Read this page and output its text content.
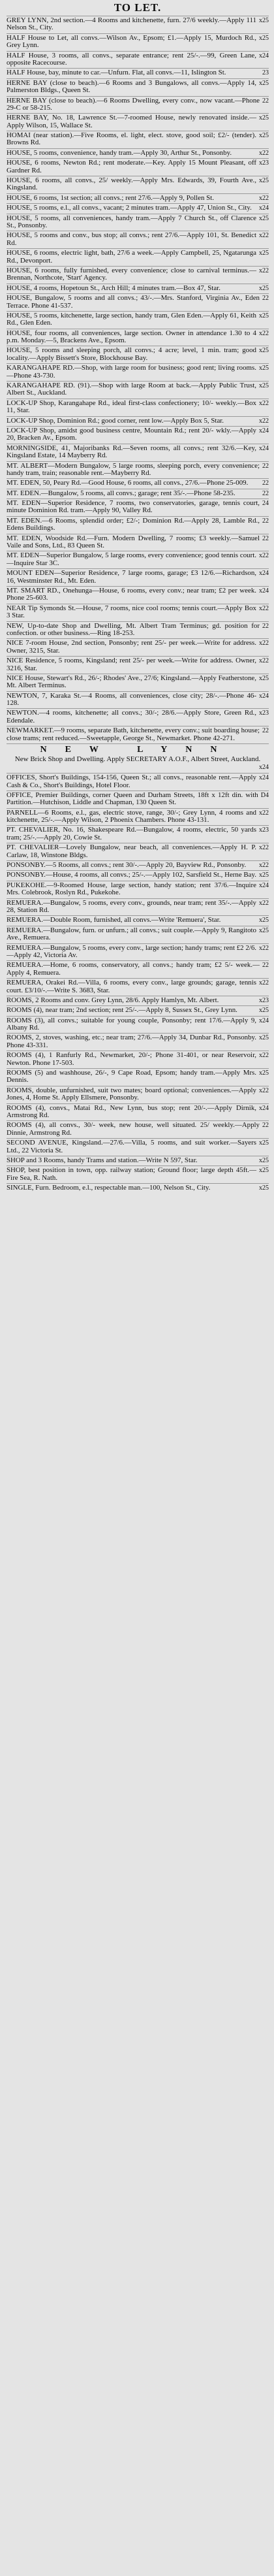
TO LET.
x25
GREY LYNN, 2nd section.—4 Rooms and kitchenette, furn. 27/6 weekly.—Apply 111 Nelson St., City.
x25
HALF House to Let, all convs.—Wilson Av., Epsom; £1.—Apply 15, Murdoch Rd., Grey Lynn.
x24
HALF House, 3 rooms, all convs., separate entrance; rent 25/-.—99, Green Lane, opposite Racecourse.
23
HALF House, bay, minute to car.—Unfurn. Flat, all convs.—11, Islington St.
x25
HERNE BAY (close to beach).—6 Rooms and 3 Bungalows, all convs.—Apply 14, Palmerston Bldgs., Queen St.
22
HERNE BAY (close to beach).—6 Rooms Dwelling, every conv., now vacant.—Phone 29-C or 58-215.
x25
HERNE BAY, No. 18, Lawrence St.—7-roomed House, newly renovated inside.—Apply Wilson, 15, Wallace St.
x25
HOMAI (near station).—Five Rooms, el. light, elect. stove, good soil; £2/- (tender). Browns Rd.
x22
HOUSE, 5 rooms, convenience, handy tram.—Apply 30, Arthur St., Ponsonby.
x23
HOUSE, 6 rooms, Newton Rd.; rent moderate.—Key. Apply 15 Mount Pleasant, off Gardner Rd.
x25
HOUSE, 6 rooms, all convs., 25/ weekly.—Apply Mrs. Edwards, 39, Fourth Ave., Kingsland.
x22
HOUSE, 6 rooms, 1st section; all convs.; rent 27/6.—Apply 9, Pollen St.
x24
HOUSE, 5 rooms, e.l., all convs., vacant; 2 minutes tram.—Apply 47, Union St., City.
x25
HOUSE, 5 rooms, all conveniences, handy tram.—Apply 7 Church St., off Clarence St., Ponsonby.
x22
HOUSE, 5 rooms and conv., bus stop; all convs.; rent 27/6.—Apply 101, St. Benedict Rd.
x25
HOUSE, 6 rooms, electric light, bath, 27/6 a week.—Apply Campbell, 25, Ngatarunga Rd., Devonport.
x22
HOUSE, 6 rooms, fully furnished, every convenience; close to carnival terminus.—Brennan, Northcote, 'Start' Agency.
x25
HOUSE, 4 rooms, Hopetoun St., Arch Hill; 4 minutes tram.—Box 47, Star.
22
HOUSE, Bungalow, 5 rooms and all convs.; 43/-.—Mrs. Stanford, Virginia Av., Eden Terrace. Phone 41-537.
x25
HOUSE, 5 rooms, kitchenette, large section, handy tram, Glen Eden.—Apply 61, Keith Rd., Glen Eden.
x22
HOUSE, four rooms, all conveniences, large section. Owner in attendance 1.30 to 4 p.m. Monday.—5, Brackens Ave., Epsom.
x25
HOUSE, 5 rooms and sleeping porch, all convs.; 4 acre; level, 1 min. tram; good locality.—Apply Bissett's Store, Blockhouse Bay.
x25
KARANGAHAPE RD.—Shop, with large room for business; good rent; living rooms.—Phone 43-730.
x25
KARANGAHAPE RD. (91).—Shop with large Room at back.—Apply Public Trust, Albert St., Auckland.
x22
LOCK-UP Shop, Karangahape Rd., ideal first-class confectionery; 10/- weekly.—Box 11, Star.
x22
LOCK-UP Shop, Dominion Rd.; good corner, rent low.—Apply Box 5, Star.
x24
LOCK-UP Shop, amidst good business centre, Mountain Rd.; rent 20/- wkly.—Apply 20, Bracken Av., Epsom.
x24
MORNINGSIDE, 41, Majoribanks Rd.—Seven rooms, all convs.; rent 32/6.—Key, Kingsland Estate, 14 Mayberry Rd.
22
MT. ALBERT—Modern Bungalow, 5 large rooms, sleeping porch, every convenience; handy tram, train; reasonable rent.—Mayberry Rd.
22
MT. EDEN, 50, Peary Rd.—Good House, 6 rooms, all convs., 27/6.—Phone 25-009.
22
MT. EDEN.—Bungalow, 5 rooms, all convs.; garage; rent 35/-.—Phone 58-235.
24
MT. EDEN—Superior Residence, 7 rooms, two conservatories, garage, tennis court, minute Dominion Rd. tram.—Apply 90, Valley Rd.
22
MT. EDEN.—6 Rooms, splendid order; £2/-; Dominion Rd.—Apply 28, Lamble Rd., Edens Buildings.
22
MT. EDEN, Woodside Rd.—Furn. Modern Dwelling, 7 rooms; £3 weekly.—Samuel Vaile and Sons, Ltd., 83 Queen St.
x22
MT. EDEN—Superior Bungalow, 5 large rooms, every convenience; good tennis court.—Inquire Star 3C.
x24
MOUNT EDEN—Superior Residence, 7 large rooms, garage; £3 12/6.—Richardson, 16, Westminster Rd., Mt. Eden.
x24
MT. SMART RD., Onehunga—House, 6 rooms, every conv.; near tram; £2 per week. Phone 25-603.
x22
NEAR Tip Symonds St.—House, 7 rooms, nice cool rooms; tennis court.—Apply Box 3 Star.
22
NEW, Up-to-date Shop and Dwelling, Mt. Albert Tram Terminus; gd. position for confection. or other business.—Ring 18-253.
x22
NICE 7-room House, 2nd section, Ponsonby; rent 25/- per week.—Write for address. Owner, 3215, Star.
x22
NICE Residence, 5 rooms, Kingsland; rent 25/- per week.—Write for address. Owner, 3216, Star.
x25
NICE House, Stewart's Rd., 26/-; Rhodes' Ave., 27/6; Kingsland.—Apply Featherstone, Mt. Albert Terminus.
x24
NEWTON, 7, Karaka St.—4 Rooms, all conveniences, close city; 28/-.—Phone 46-128.
x23
NEWTON.—4 rooms, kitchenette; all convs.; 30/-; 28/6.—Apply Store, Green Rd., Edendale.
22
NEWMARKET.—9 rooms, separate Bath, kitchenette, every conv.; suit boarding house; close trams; rent reduced.—Sweetapple, George St., Newmarket. Phone 42-271.
NEW LYNN
New Brick Shop and Dwelling. Apply SECRETARY A.O.F., Albert Street, Auckland.
x24
x24
OFFICES, Short's Buildings, 154-156, Queen St.; all convs., reasonable rent.—Apply Cash & Co., Short's Buildings, Hotel Floor.
D4
OFFICE, Premier Buildings, corner Queen and Durham Streets, 18ft x 12ft din. with Partition.—Hutchison, Liddle and Chapman, 130 Queen St.
x22
PARNELL—6 Rooms, e.l., gas, electric stove, range, 30/-; Grey Lynn, 4 rooms and kitchenette, 25/-.—Apply Wilson, 2 Phoenix Chambers. Phone 43-131.
x23
PT. CHEVALIER, No. 16, Shakespeare Rd.—Bungalow, 4 rooms, electric, 50 yards tram; 25/-.—Apply 20, Cowie St.
x22
PT. CHEVALIER—Lovely Bungalow, near beach, all conveniences.—Apply H. P. Carlaw, 18, Winstone Bldgs.
x22
PONSONBY.—5 Rooms, all convs.; rent 30/-.—Apply 20, Bayview Rd., Ponsonby.
x25
PONSONBY.—House, 4 rooms, all convs.; 25/-.—Apply 102, Sarsfield St., Herne Bay.
x24
PUKEKOHE.—9-Roomed House, large section, handy station; rent 37/6.—Inquire Mrs. Colebrook, Roslyn Rd., Pukekohe.
x22
REMUERA.—Bungalow, 5 rooms, every conv., grounds, near tram; rent 35/-.—Apply 28, Station Rd.
x25
REMUERA.—Double Room, furnished, all convs.—Write 'Remuera', Star.
x25
REMUERA.—Bungalow, furn. or unfurn.; all convs.; suit couple.—Apply 9, Rangitoto Ave., Remuera.
x22
REMUERA.—Bungalow, 5 rooms, every conv., large section; handy trams; rent £2 2/6.—Apply 42, Victoria Av.
22
REMUERA.—Home, 6 rooms, conservatory, all convs.; handy tram; £2 5/- week.—Apply 4, Remuera.
x22
REMUERA, Orakei Rd.—Villa, 6 rooms, every conv., large grounds; garage, tennis court. £3/10/-.—Write S. 3683, Star.
x23
ROOMS, 2 Rooms and conv. Grey Lynn, 28/6. Apply Hamlyn, Mt. Albert.
x25
ROOMS (4), near tram; 2nd section; rent 25/-.—Apply 8, Sussex St., Grey Lynn.
x24
ROOMS (3), all convs.; suitable for young couple, Ponsonby; rent 17/6.—Apply 9, Albany Rd.
x25
ROOMS, 2, stoves, washing, etc.; near tram; 27/6.—Apply 34, Dunbar Rd., Ponsonby. Phone 43-331.
x22
ROOMS (4), 1 Ranfurly Rd., Newmarket, 20/-; Phone 31-401, or near Reservoir, Newton. Phone 17-503.
x25
ROOMS (5) and washhouse, 26/-, 9 Cape Road, Epsom; handy tram.—Apply Mrs. Dennis.
x22
ROOMS, double, unfurnished, suit two mates; board optional; conveniences.—Apply Jones, 4, Home St. Apply Ellsmere, Ponsonby.
x24
ROOMS (4), convs., Matai Rd., New Lynn, bus stop; rent 20/-.—Apply Dirnik, Armstrong Rd.
22
ROOMS (4), all convs., 30/- week, new house, well situated. 25/ weekly.—Apply Dinnie, Armstrong Rd.
x25
SECOND AVENUE, Kingsland.—27/6.—Villa, 5 rooms, and suit worker.—Sayers Ltd., 22 Victoria St.
x25
SHOP and 3 Rooms, handy Trams and station.—Write N 597, Star.
x25
SHOP, best position in town, opp. railway station; Ground floor; large depth 45ft.—Fire Sea, R. Nath.
x25
SINGLE, Furn. Bedroom, e.l., respectable man.—100, Nelson St., City.
